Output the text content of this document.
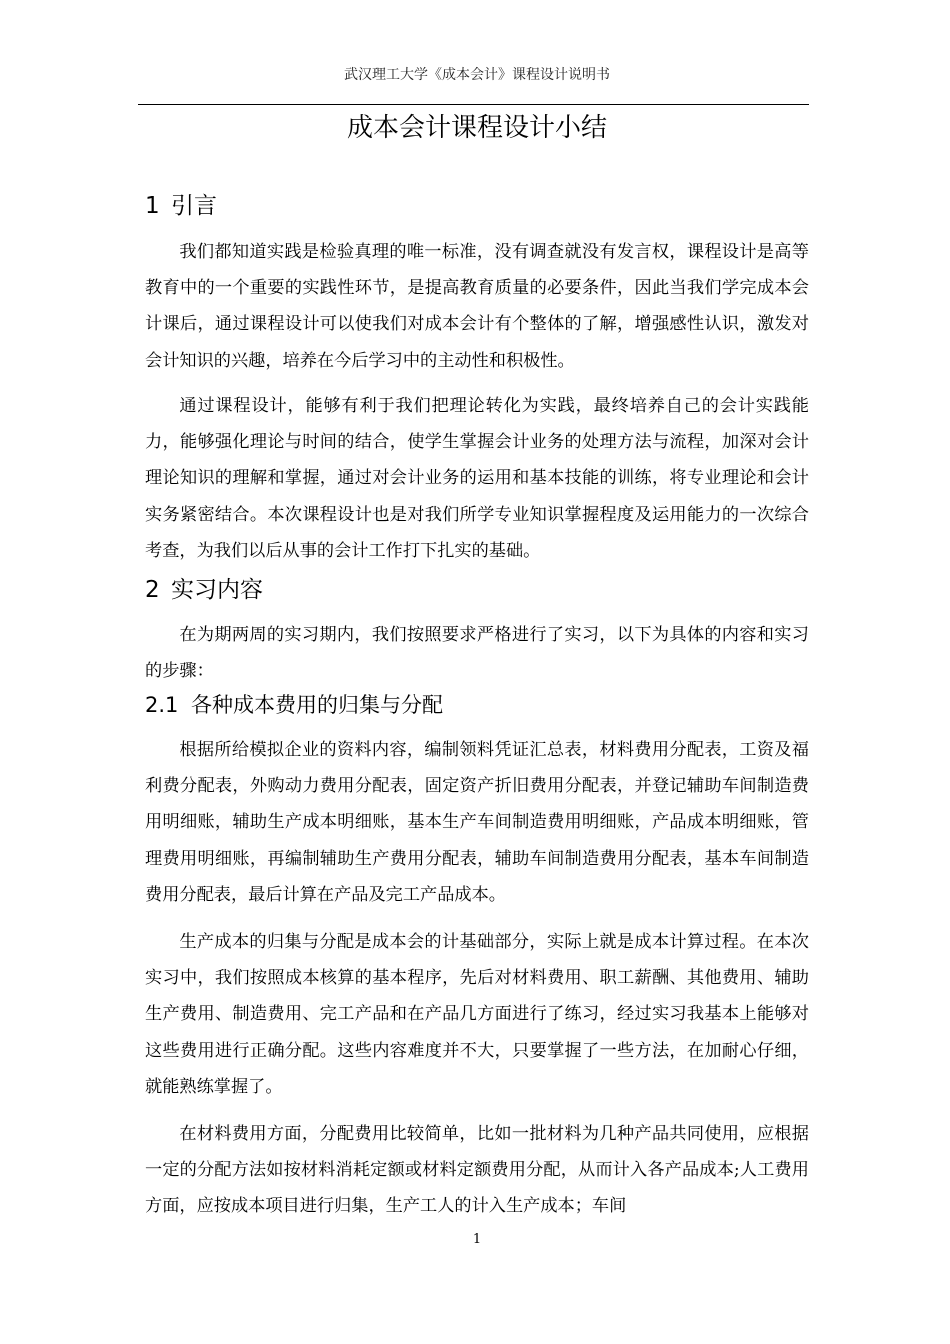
武汉理工大学《成本会计》课程设计说明书
成本会计课程设计小结
1 引言

我们都知道实践是检验真理的唯一标准，没有调查就没有发言权，课程设计是高等教育中的一个重要的实践性环节，是提高教育质量的必要条件，因此当我们学完成本会计课后，通过课程设计可以使我们对成本会计有个整体的了解，增强感性认识，激发对会计知识的兴趣，培养在今后学习中的主动性和积极性。

通过课程设计，能够有利于我们把理论转化为实践，最终培养自己的会计实践能力，能够强化理论与时间的结合，使学生掌握会计业务的处理方法与流程，加深对会计理论知识的理解和掌握，通过对会计业务的运用和基本技能的训练，将专业理论和会计实务紧密结合。本次课程设计也是对我们所学专业知识掌握程度及运用能力的一次综合考查，为我们以后从事的会计工作打下扎实的基础。

2 实习内容

在为期两周的实习期内，我们按照要求严格进行了实习，以下为具体的内容和实习的步骤：

2.1 各种成本费用的归集与分配

根据所给模拟企业的资料内容，编制领料凭证汇总表，材料费用分配表，工资及福利费分配表，外购动力费用分配表，固定资产折旧费用分配表，并登记辅助车间制造费用明细账，辅助生产成本明细账，基本生产车间制造费用明细账，产品成本明细账，管理费用明细账，再编制辅助生产费用分配表，辅助车间制造费用分配表，基本车间制造费用分配表，最后计算在产品及完工产品成本。

生产成本的归集与分配是成本会的计基础部分，实际上就是成本计算过程。在本次实习中，我们按照成本核算的基本程序，先后对材料费用、职工薪酬、其他费用、辅助生产费用、制造费用、完工产品和在产品几方面进行了练习，经过实习我基本上能够对这些费用进行正确分配。这些内容难度并不大，只要掌握了一些方法，在加耐心仔细，就能熟练掌握了。

在材料费用方面，分配费用比较简单，比如一批材料为几种产品共同使用，应根据一定的分配方法如按材料消耗定额或材料定额费用分配，从而计入各产品成本;人工费用方面，应按成本项目进行归集，生产工人的计入生产成本；车间

1
